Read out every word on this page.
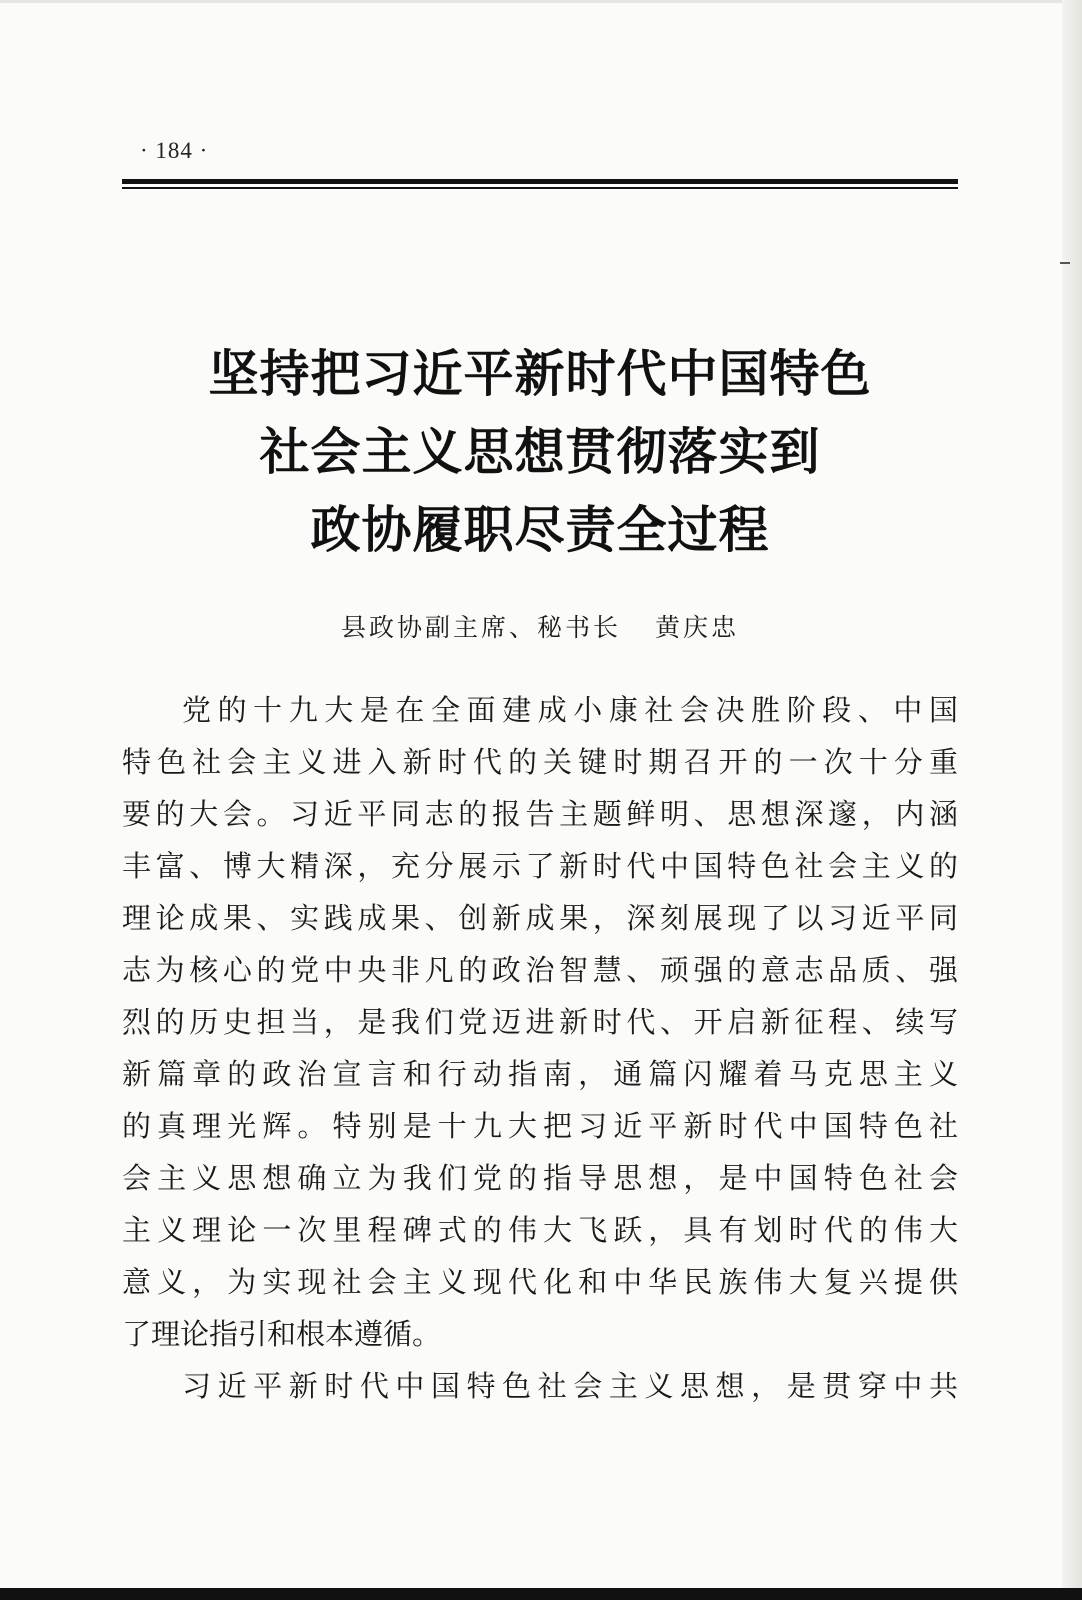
· 184 ·
坚持把习近平新时代中国特色
社会主义思想贯彻落实到
政协履职尽责全过程
县政协副主席、秘书长 黄庆忠
党的十九大是在全面建成小康社会决胜阶段、中国
特色社会主义进入新时代的关键时期召开的一次十分重
要的大会。习近平同志的报告主题鲜明、思想深邃，内涵
丰富、博大精深，充分展示了新时代中国特色社会主义的
理论成果、实践成果、创新成果，深刻展现了以习近平同
志为核心的党中央非凡的政治智慧、顽强的意志品质、强
烈的历史担当，是我们党迈进新时代、开启新征程、续写
新篇章的政治宣言和行动指南，通篇闪耀着马克思主义
的真理光辉。特别是十九大把习近平新时代中国特色社
会主义思想确立为我们党的指导思想，是中国特色社会
主义理论一次里程碑式的伟大飞跃，具有划时代的伟大
意义，为实现社会主义现代化和中华民族伟大复兴提供
了理论指引和根本遵循。
习近平新时代中国特色社会主义思想，是贯穿中共
